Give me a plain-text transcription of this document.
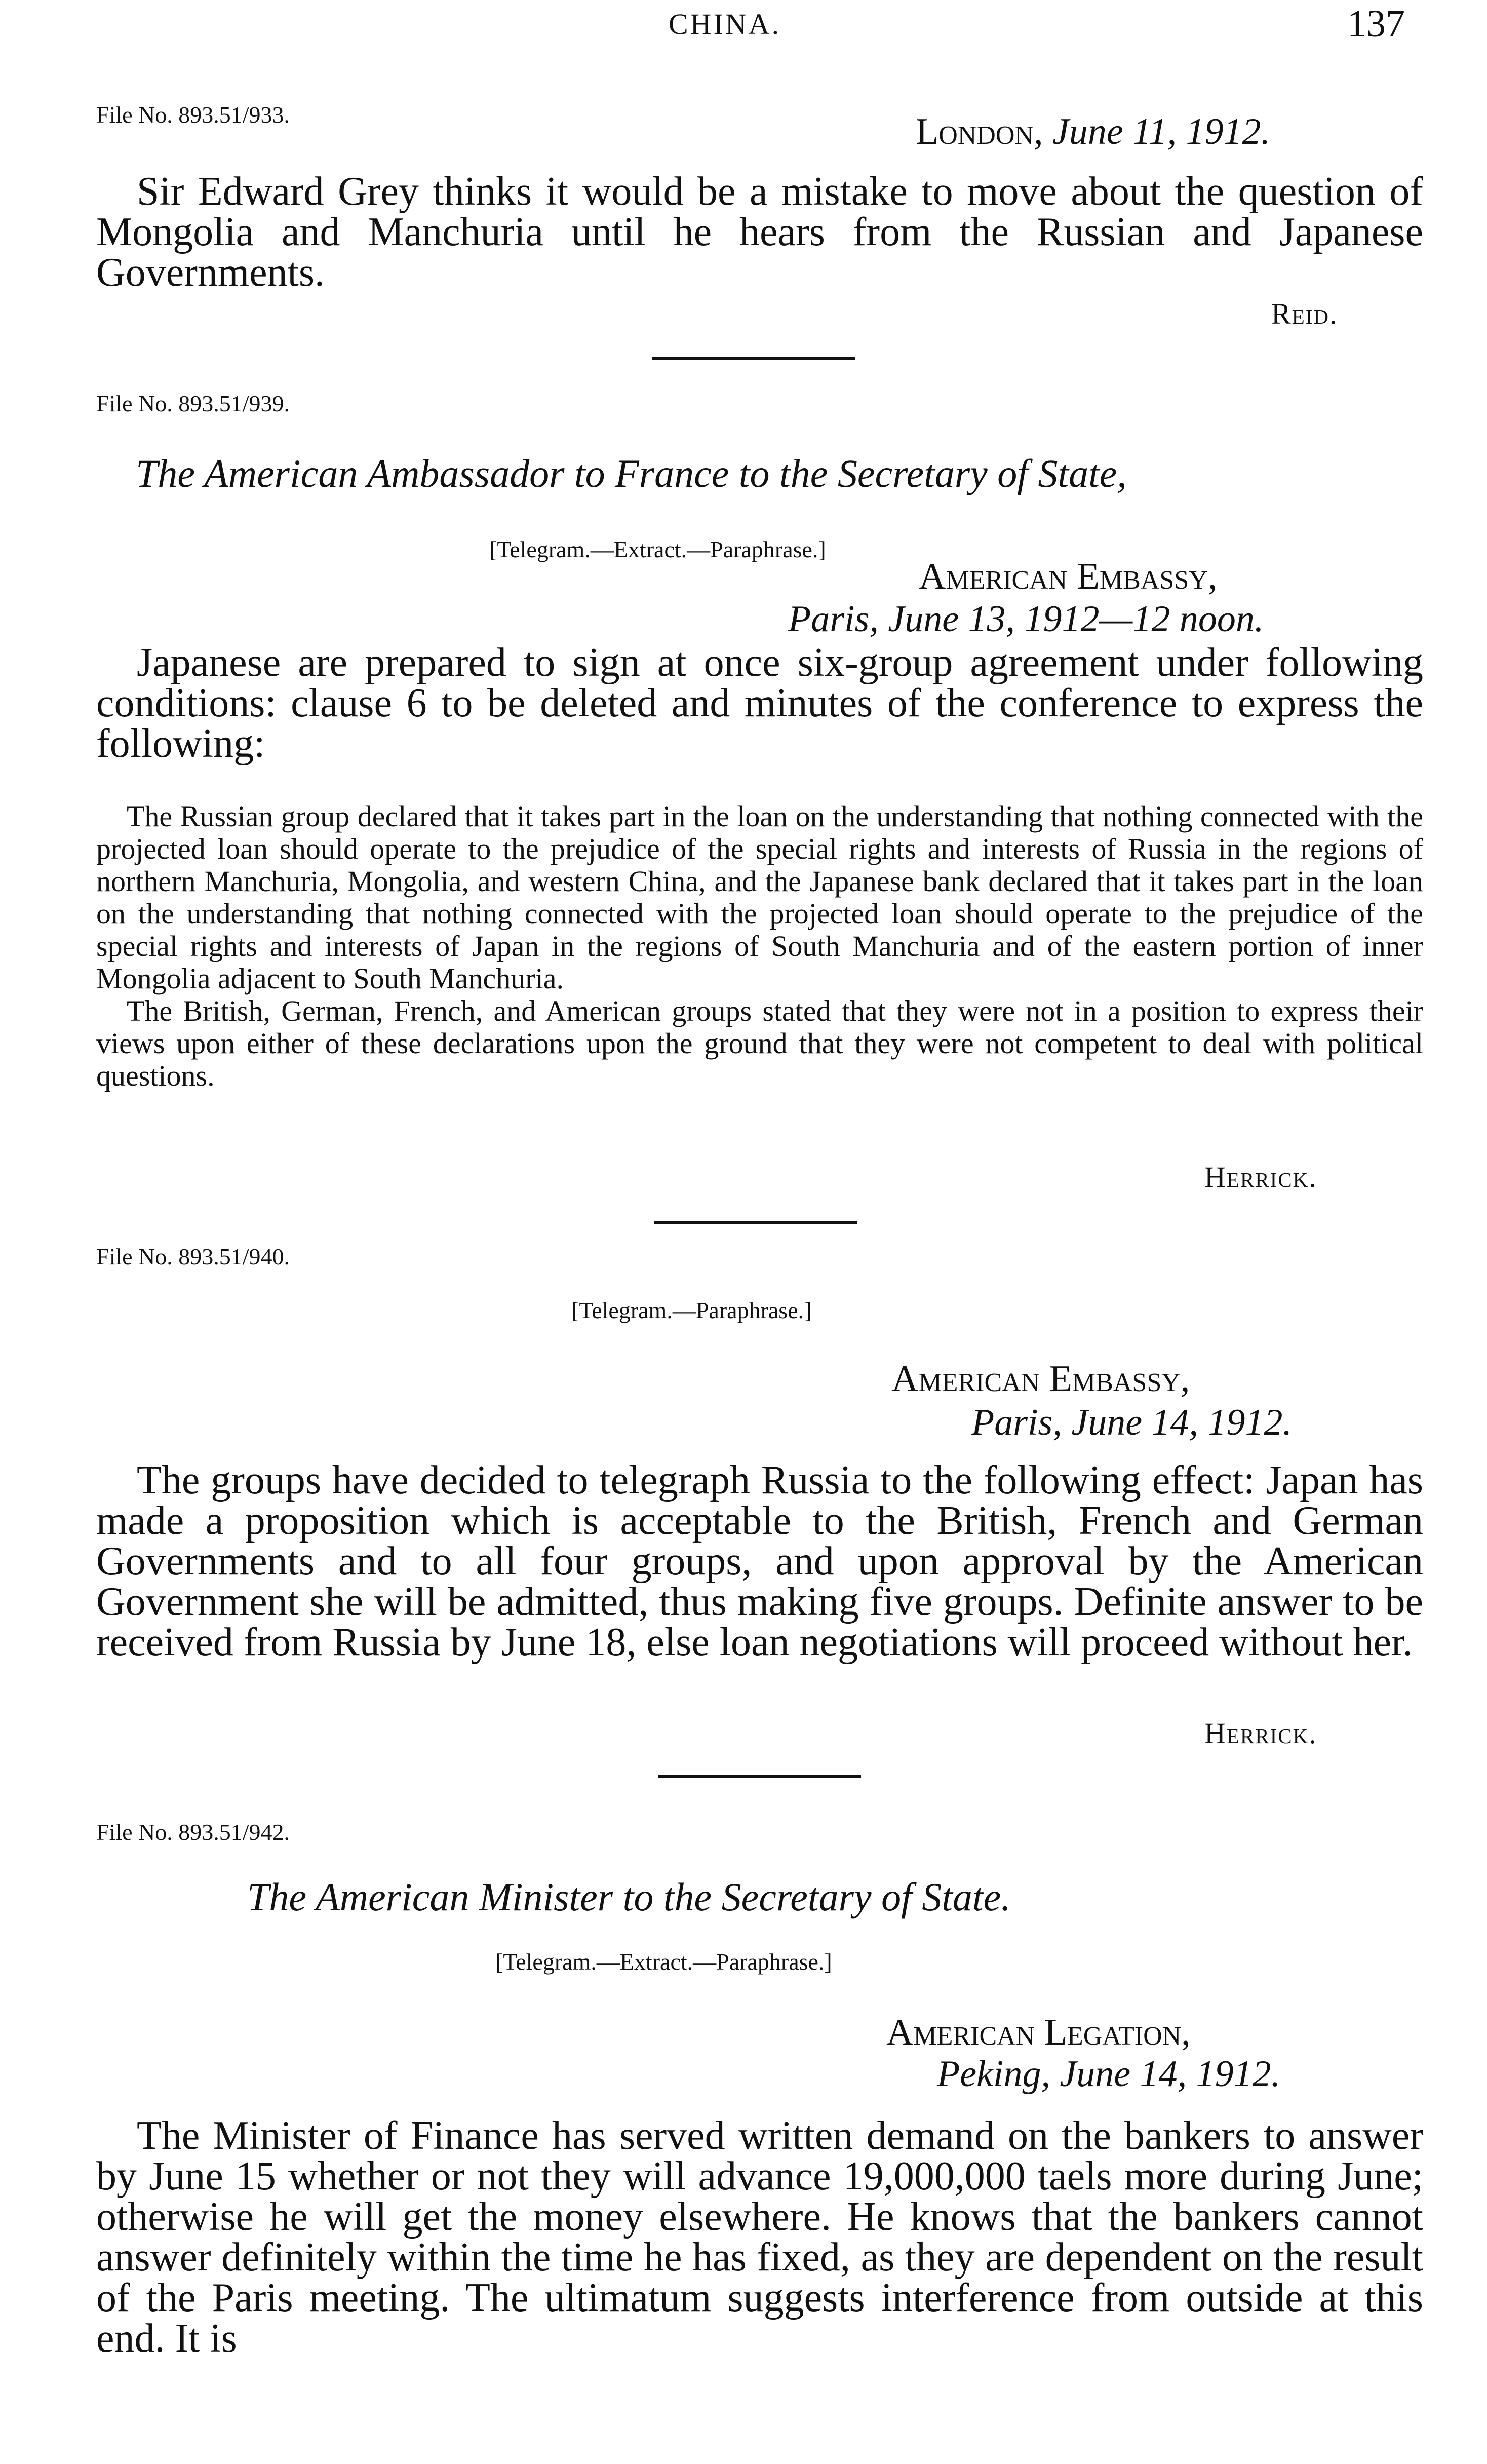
CHINA.	137
File No. 893.51/933.	London, June 11, 1912.

Sir Edward Grey thinks it would be a mistake to move about the question of Mongolia and Manchuria until he hears from the Russian and Japanese Governments.

Reid.
File No. 893.51/939.
The American Ambassador to France to the Secretary of State,
[Telegram.—Extract.—Paraphrase.]
American Embassy,
Paris, June 13, 1912—12 noon.

Japanese are prepared to sign at once six-group agreement under following conditions: clause 6 to be deleted and minutes of the conference to express the following:

The Russian group declared that it takes part in the loan on the understanding that nothing connected with the projected loan should operate to the prejudice of the special rights and interests of Russia in the regions of northern Manchuria, Mongolia, and western China, and the Japanese bank declared that it takes part in the loan on the understanding that nothing connected with the projected loan should operate to the prejudice of the special rights and interests of Japan in the regions of South Manchuria and of the eastern portion of inner Mongolia adjacent to South Manchuria.

The British, German, French, and American groups stated that they were not in a position to express their views upon either of these declarations upon the ground that they were not competent to deal with political questions.

Herrick.
File No. 893.51/940.
[Telegram.—Paraphrase.]
American Embassy,
Paris, June 14, 1912.

The groups have decided to telegraph Russia to the following effect: Japan has made a proposition which is acceptable to the British, French and German Governments and to all four groups, and upon approval by the American Government she will be admitted, thus making five groups. Definite answer to be received from Russia by June 18, else loan negotiations will proceed without her.

Herrick.
File No. 893.51/942.
The American Minister to the Secretary of State.
[Telegram.—Extract.—Paraphrase.]
American Legation,
Peking, June 14, 1912.

The Minister of Finance has served written demand on the bankers to answer by June 15 whether or not they will advance 19,000,000 taels more during June; otherwise he will get the money elsewhere. He knows that the bankers cannot answer definitely within the time he has fixed, as they are dependent on the result of the Paris meeting. The ultimatum suggests interference from outside at this end. It is
